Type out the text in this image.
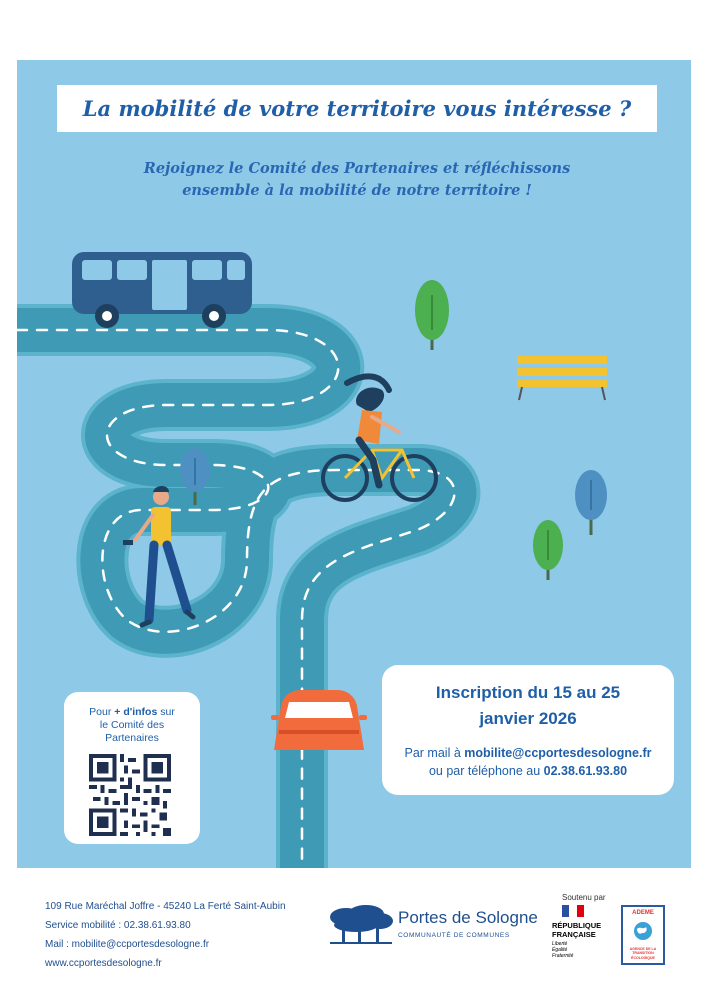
La mobilité de votre territoire vous intéresse ?
Rejoignez le Comité des Partenaires et réfléchissons
ensemble à la mobilité de notre territoire !
Inscription du 15 au 25
janvier 2026
Par mail à mobilite@ccportesdesologne.fr
ou par téléphone au 02.38.61.93.80
Pour + d'infos sur
le Comité des
Partenaires
109 Rue Maréchal Joffre - 45240 La Ferté Saint-Aubin
Service mobilité : 02.38.61.93.80
Mail : mobilite@ccportesdesologne.fr
www.ccportesdesologne.fr
Portes de Sologne
COMMUNAUTÉ DE COMMUNES
Soutenu par
RÉPUBLIQUE
FRANÇAISE
Liberté
Égalité
Fraternité
ADEME
AGENCE DE LA
TRANSITION
ÉCOLOGIQUE
